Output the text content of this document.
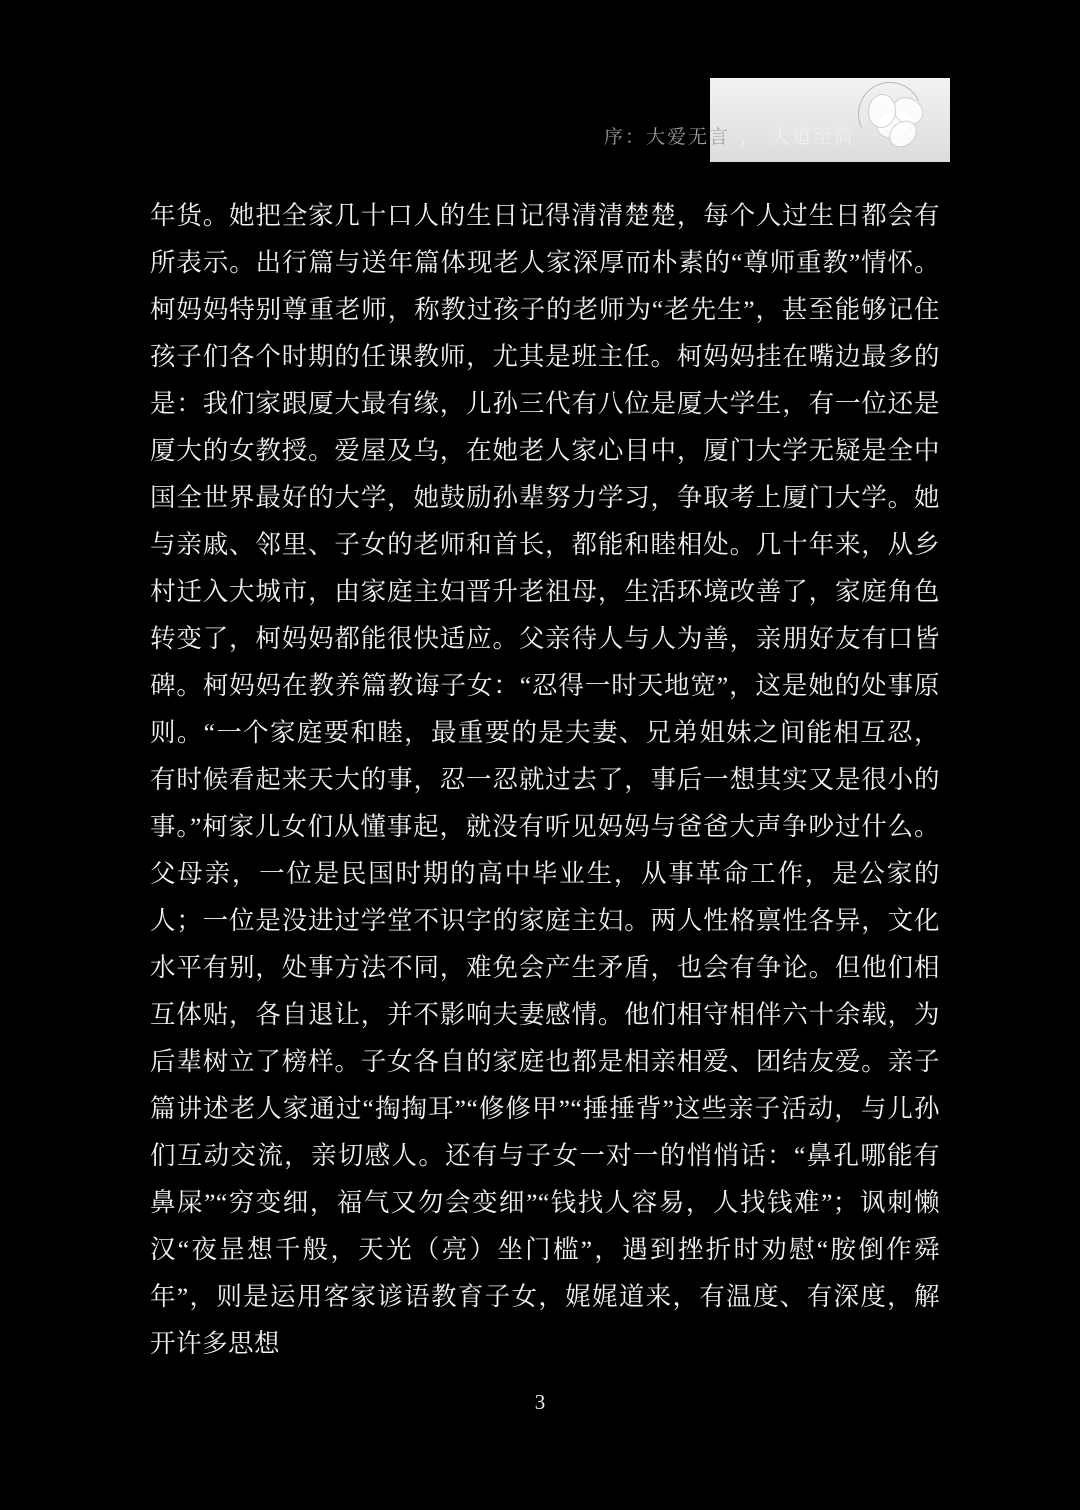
序：大爱无言 ， 大道至简
年货。她把全家几十口人的生日记得清清楚楚，每个人过生日都会有所表示。出行篇与送年篇体现老人家深厚而朴素的“尊师重教”情怀。柯妈妈特别尊重老师，称教过孩子的老师为“老先生”，甚至能够记住孩子们各个时期的任课教师，尤其是班主任。柯妈妈挂在嘴边最多的是：我们家跟厦大最有缘，儿孙三代有八位是厦大学生，有一位还是厦大的女教授。爱屋及乌，在她老人家心目中，厦门大学无疑是全中国全世界最好的大学，她鼓励孙辈努力学习，争取考上厦门大学。她与亲戚、邻里、子女的老师和首长，都能和睦相处。几十年来，从乡村迁入大城市，由家庭主妇晋升老祖母，生活环境改善了，家庭角色转变了，柯妈妈都能很快适应。父亲待人与人为善，亲朋好友有口皆碑。柯妈妈在教养篇教诲子女：“忍得一时天地宽”，这是她的处事原则。“一个家庭要和睦，最重要的是夫妻、兄弟姐妹之间能相互忍，有时候看起来天大的事，忍一忍就过去了，事后一想其实又是很小的事。”柯家儿女们从懂事起，就没有听见妈妈与爸爸大声争吵过什么。父母亲，一位是民国时期的高中毕业生，从事革命工作，是公家的人；一位是没进过学堂不识字的家庭主妇。两人性格禀性各异，文化水平有别，处事方法不同，难免会产生矛盾，也会有争论。但他们相互体贴，各自退让，并不影响夫妻感情。他们相守相伴六十余载，为后辈树立了榜样。子女各自的家庭也都是相亲相爱、团结友爱。亲子篇讲述老人家通过“掏掏耳”“修修甲”“捶捶背”这些亲子活动，与儿孙们互动交流，亲切感人。还有与子女一对一的悄悄话：“鼻孔哪能有鼻屎”“穷变细，福气又勿会变细”“钱找人容易，人找钱难”；讽刺懒汉“夜昰想千般，天光（亮）坐门槛”，遇到挫折时劝慰“胺倒作舜年”，则是运用客家谚语教育子女，娓娓道来，有温度、有深度，解开许多思想
3
